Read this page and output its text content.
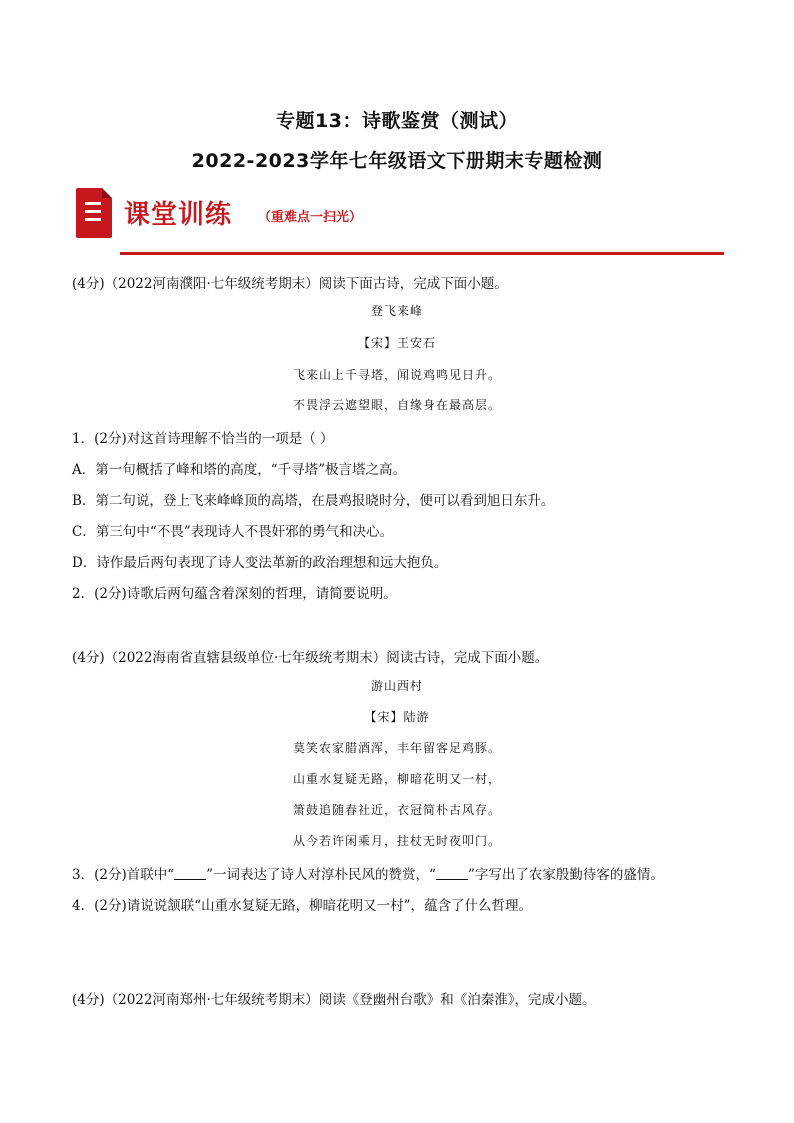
专题13：诗歌鉴赏（测试）
2022-2023学年七年级语文下册期末专题检测
课堂训练 （重难点一扫光）
(4分)（2022河南濮阳·七年级统考期末）阅读下面古诗，完成下面小题。
登飞来峰
【宋】王安石
飞来山上千寻塔，闻说鸡鸣见日升。
不畏浮云遮望眼，自缘身在最高层。
1．(2分)对这首诗理解不恰当的一项是（ ）
A．第一句概括了峰和塔的高度，“千寻塔”极言塔之高。
B．第二句说，登上飞来峰峰顶的高塔，在晨鸡报晓时分，便可以看到旭日东升。
C．第三句中“不畏”表现诗人不畏奸邪的勇气和决心。
D．诗作最后两句表现了诗人变法革新的政治理想和远大抱负。
2．(2分)诗歌后两句蕴含着深刻的哲理，请简要说明。
(4分)（2022海南省直辖县级单位·七年级统考期末）阅读古诗，完成下面小题。
游山西村
【宋】陆游
莫笑农家腊酒浑，丰年留客足鸡豚。
山重水复疑无路，柳暗花明又一村，
箫鼓追随春社近，衣冠简朴古风存。
从今若许闲乘月，拄杖无时夜叩门。
3．(2分)首联中“ ”一词表达了诗人对淳朴民风的赞赏，“ ”字写出了农家殷勤待客的盛情。
4．(2分)请说说颔联“山重水复疑无路，柳暗花明又一村”，蕴含了什么哲理。
(4分)（2022河南郑州·七年级统考期末）阅读《登幽州台歌》和《泊秦淮》，完成小题。
